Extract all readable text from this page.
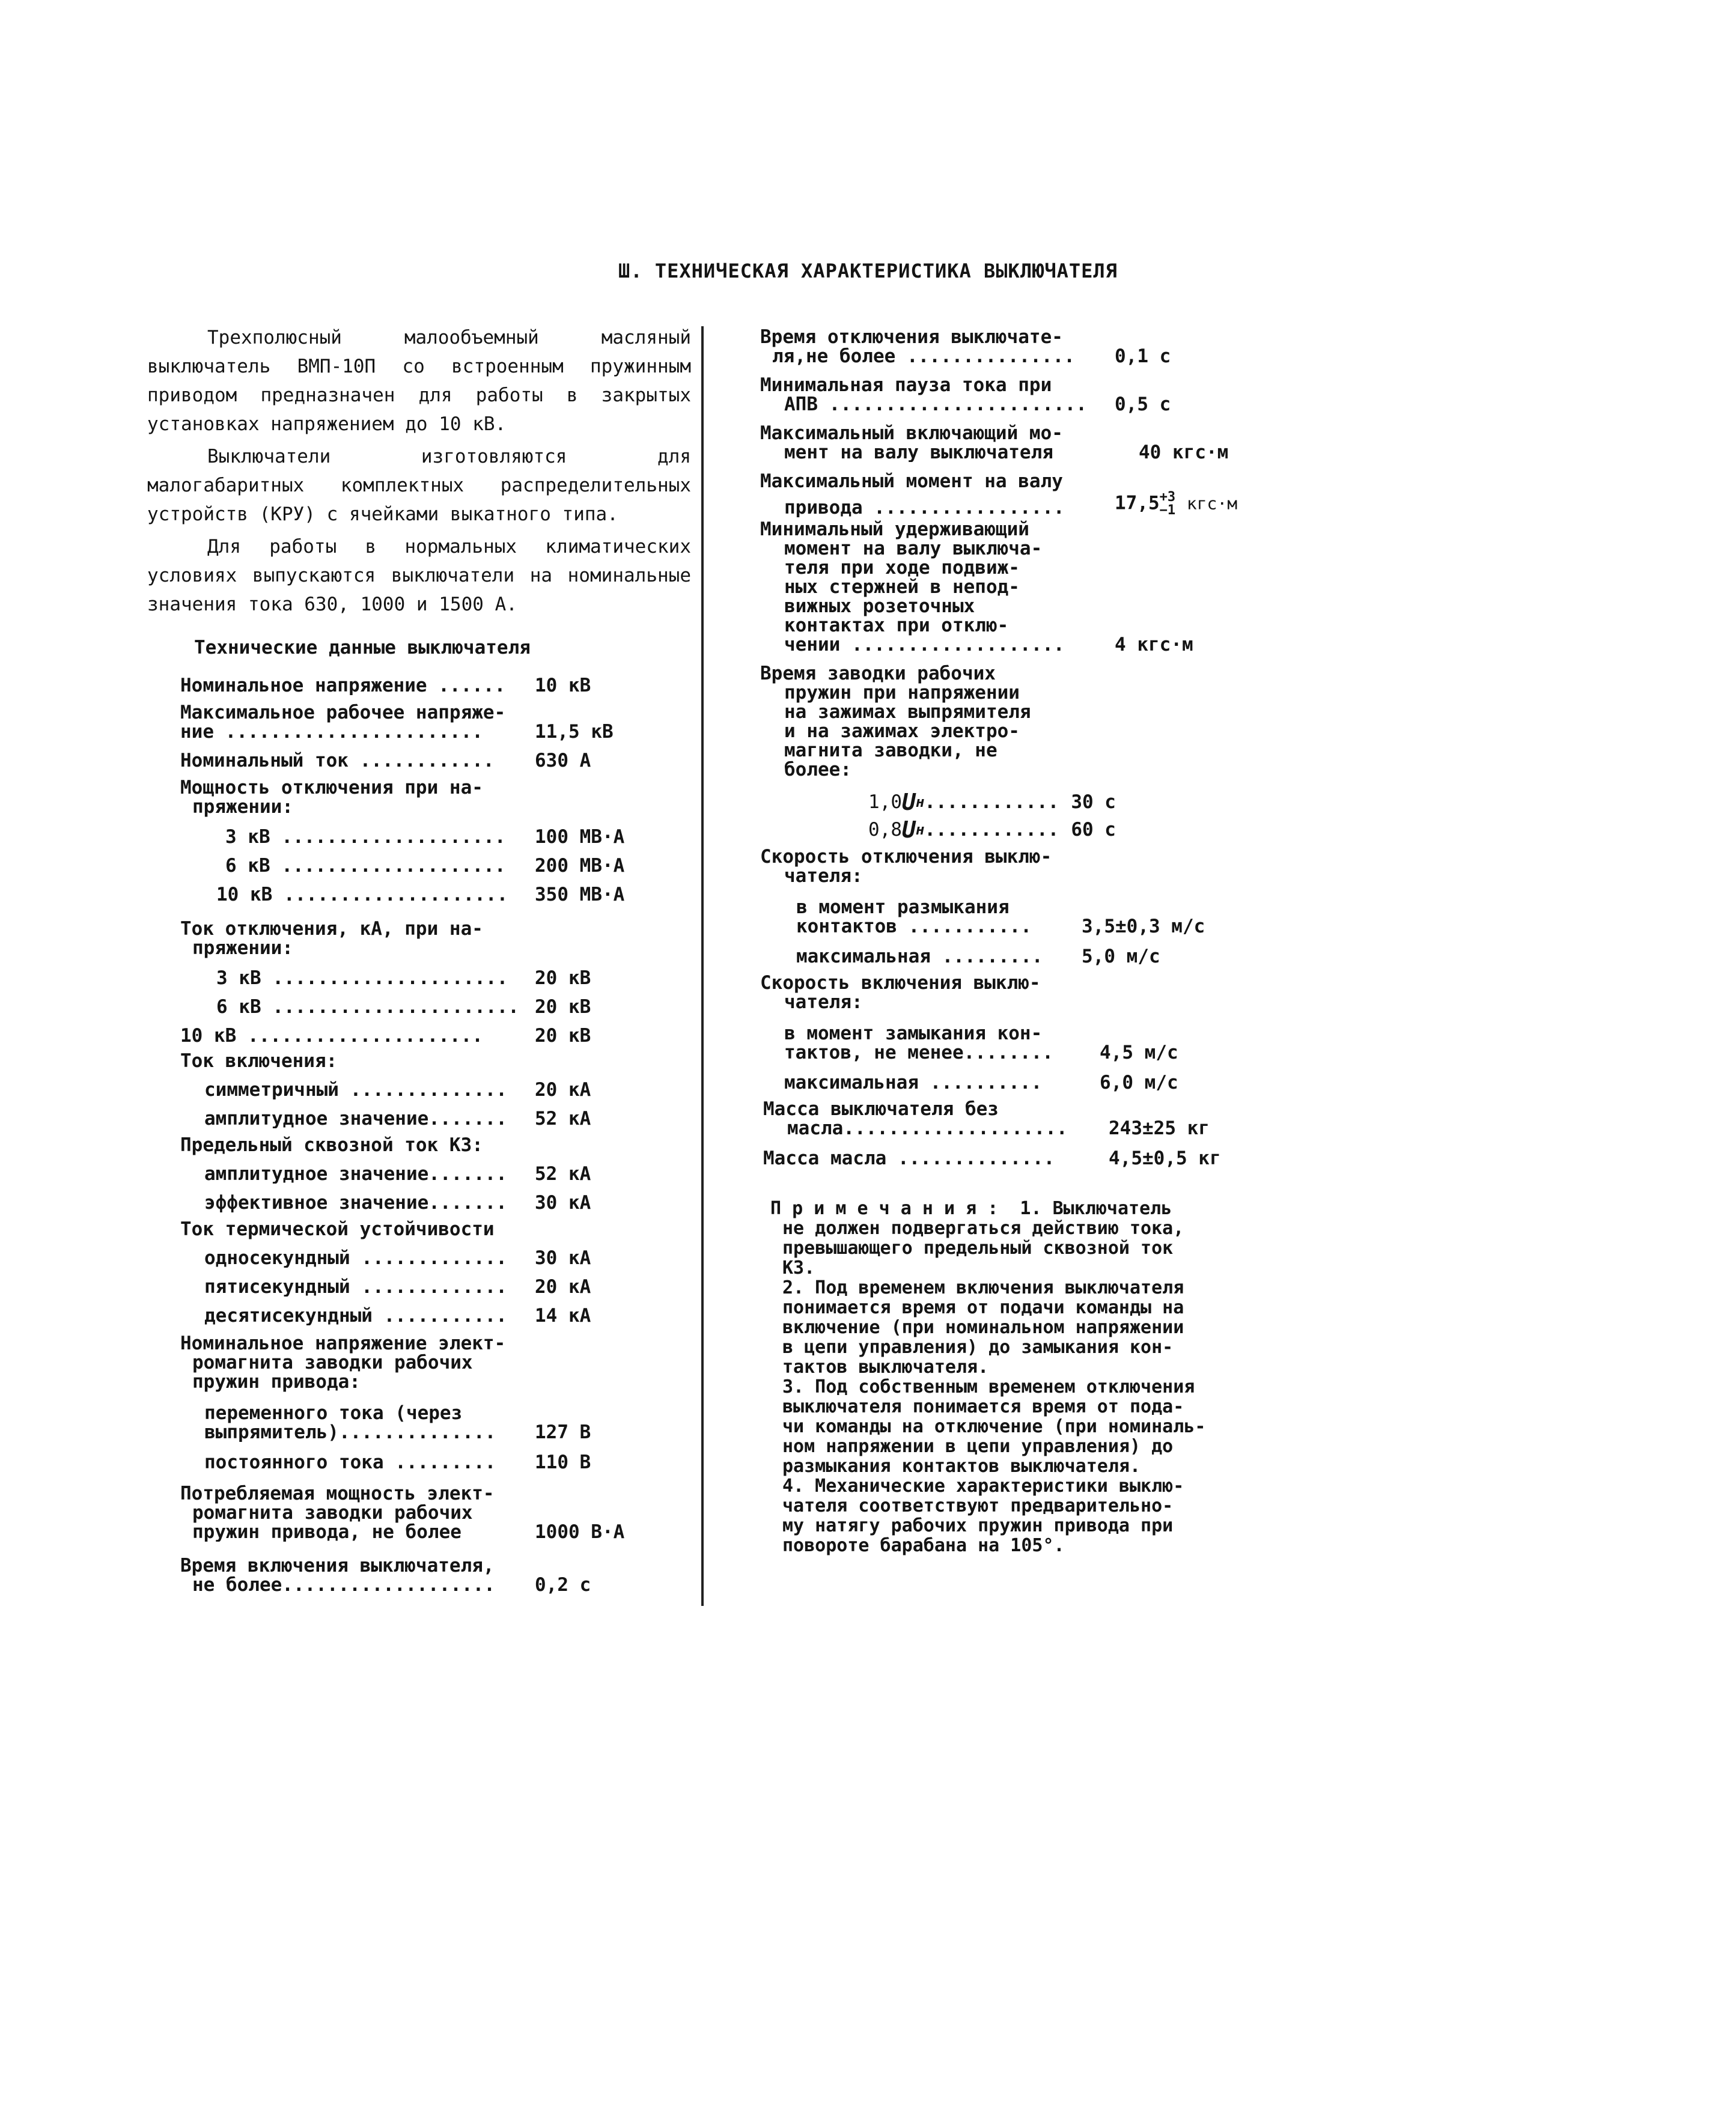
Ш. ТЕХНИЧЕСКАЯ ХАРАКТЕРИСТИКА ВЫКЛЮЧАТЕЛЯ

Трехполюсный малообъемный масляный выключатель ВМП-10П со встроенным пружинным приводом предназначен для работы в закрытых установках напряжением до 10 кВ.

Выключатели изготовляются для малогабаритных комплектных распределительных устройств (КРУ) с ячейками выкатного типа.

Для работы в нормальных климатических условиях выпускаются выключатели на номинальные значения тока 630, 1000 и 1500 А.

Технические данные выключателя
Номинальное напряжение ......	10 кВ
Максимальное рабочее напряже-
ние .......................	11,5 кВ
Номинальный ток ............	630 А
Мощность отключения при на-
пряжении:
3 кВ ....................	100 МВ·А
6 кВ ....................	200 МВ·А
10 кВ ....................	350 МВ·А
Ток отключения, кА, при на-
пряжении:
3 кВ .....................	20 кВ
6 кВ ...................... 20 кВ
10 кВ .....................	20 кВ
Ток включения:
симметричный ..............	20 кА
амплитудное значение.......	52 кА
Предельный сквозной ток КЗ:
амплитудное значение.......	52 кА
эффективное значение.......	30 кА
Ток термической устойчивости
односекундный .............	30 кА
пятисекундный .............	20 кА
десятисекундный ...........	14 кА
Номинальное напряжение элект-
ромагнита заводки рабочих
пружин привода:
переменного тока (через
выпрямитель)..............	127 В
постоянного тока .........	110 В
Потребляемая мощность элект-
ромагнита заводки рабочих
пружин привода, не более	1000 В·А
Время включения выключателя,
не более...................	0,2 с
Время отключения выключате-
ля,не более ...............	0,1 с
Минимальная пауза тока при
АПВ .......................	0,5 с
Максимальный включающий мо-
мент на валу выключателя	40 кгс·м
Максимальный момент на валу
привода .................	17,5 +3
−1 кгс·м
Минимальный удерживающий
момент на валу выключа-
теля при ходе подвиж-
ных стержней в непод-
вижных розеточных
контактах при отклю-
чении ...................	4 кгс·м
Время заводки рабочих
пружин при напряжении
на зажимах выпрямителя
и на зажимах электро-
магнита заводки, не
более:
1,0 U н ............ 30 с
0,8 U н ............ 60 с
Скорость отключения выклю-
чателя:
в момент размыкания
контактов ...........	3,5±0,3 м/с
максимальная .........	5,0 м/с
Скорость включения выклю-
чателя:
в момент замыкания кон-
тактов, не менее........	4,5 м/с
максимальная ..........	6,0 м/с
Масса выключателя без
масла....................	243±25 кг
Масса масла ..............	4,5±0,5 кг
П р и м е ч а н и я :  1. Выключатель
не должен подвергаться действию тока,
превышающего предельный сквозной ток
КЗ.
2. Под временем включения выключателя
понимается время от подачи команды на
включение (при номинальном напряжении
в цепи управления) до замыкания кон-
тактов выключателя.
3. Под собственным временем отключения
выключателя понимается время от пода-
чи команды на отключение (при номиналь-
ном напряжении в цепи управления) до
размыкания контактов выключателя.
4. Механические характеристики выклю-
чателя соответствуют предварительно-
му натягу рабочих пружин привода при
повороте барабана на 105°.
